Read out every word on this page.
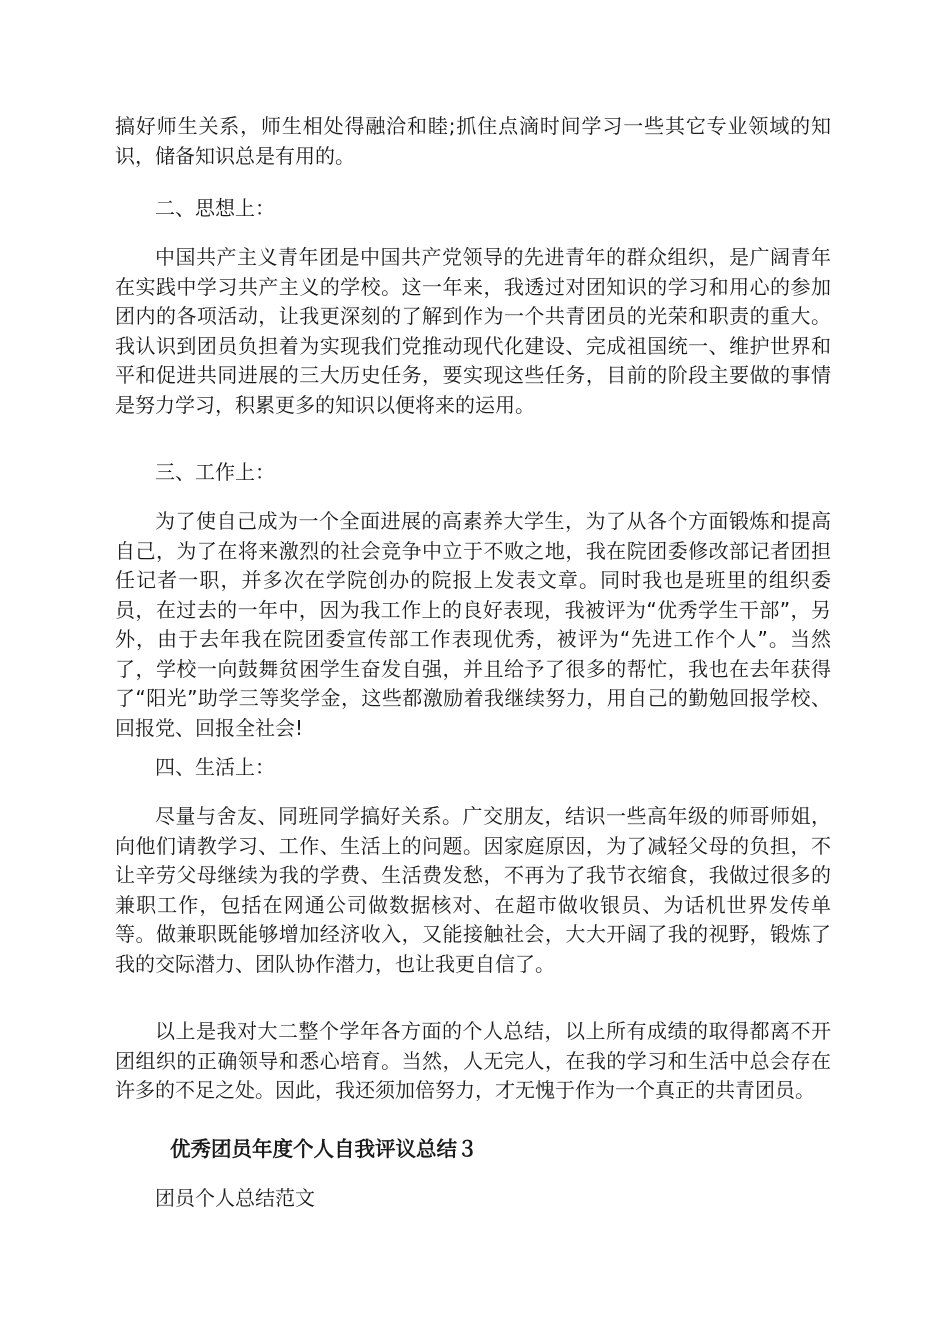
搞好师生关系，师生相处得融洽和睦;抓住点滴时间学习一些其它专业领域的知识，储备知识总是有用的。

二、思想上：

中国共产主义青年团是中国共产党领导的先进青年的群众组织，是广阔青年在实践中学习共产主义的学校。这一年来，我透过对团知识的学习和用心的参加团内的各项活动，让我更深刻的了解到作为一个共青团员的光荣和职责的重大。我认识到团员负担着为实现我们党推动现代化建设、完成祖国统一、维护世界和平和促进共同进展的三大历史任务，要实现这些任务，目前的阶段主要做的事情是努力学习，积累更多的知识以便将来的运用。

三、工作上：

为了使自己成为一个全面进展的高素养大学生，为了从各个方面锻炼和提高自己，为了在将来激烈的社会竞争中立于不败之地，我在院团委修改部记者团担任记者一职，并多次在学院创办的院报上发表文章。同时我也是班里的组织委员，在过去的一年中，因为我工作上的良好表现，我被评为“优秀学生干部”，另外，由于去年我在院团委宣传部工作表现优秀，被评为“先进工作个人”。当然了，学校一向鼓舞贫困学生奋发自强，并且给予了很多的帮忙，我也在去年获得了“阳光”助学三等奖学金，这些都激励着我继续努力，用自己的勤勉回报学校、回报党、回报全社会!

四、生活上：

尽量与舍友、同班同学搞好关系。广交朋友，结识一些高年级的师哥师姐，向他们请教学习、工作、生活上的问题。因家庭原因，为了减轻父母的负担，不让辛劳父母继续为我的学费、生活费发愁，不再为了我节衣缩食，我做过很多的兼职工作，包括在网通公司做数据核对、在超市做收银员、为话机世界发传单等。做兼职既能够增加经济收入，又能接触社会，大大开阔了我的视野，锻炼了我的交际潜力、团队协作潜力，也让我更自信了。

以上是我对大二整个学年各方面的个人总结，以上所有成绩的取得都离不开团组织的正确领导和悉心培育。当然，人无完人，在我的学习和生活中总会存在许多的不足之处。因此，我还须加倍努力，才无愧于作为一个真正的共青团员。

优秀团员年度个人自我评议总结３

团员个人总结范文
